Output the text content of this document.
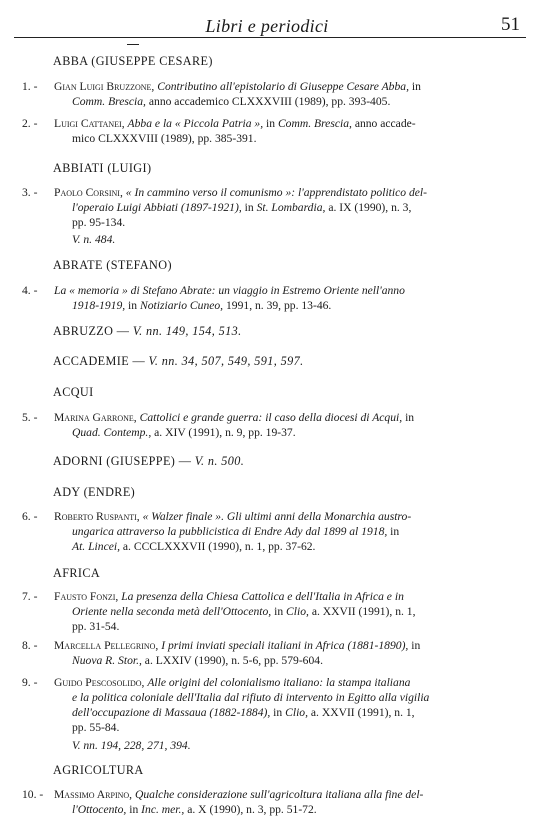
Libri e periodici	51
ABBA (GIUSEPPE CESARE)
1. -	Gian Luigi Bruzzone, Contributino all'epistolario di Giuseppe Cesare Abba, in
Comm. Brescia, anno accademico CLXXXVIII (1989), pp. 393-405.
2. -	Luigi Cattanei, Abba e la « Piccola Patria », in Comm. Brescia, anno accade-
mico CLXXXVIII (1989), pp. 385-391.
ABBIATI (LUIGI)
3. -	Paolo Corsini, « In cammino verso il comunismo »: l'apprendistato politico del-
l'operaio Luigi Abbiati (1897-1921), in St. Lombardia, a. IX (1990), n. 3,
pp. 95-134.
V. n. 484.
ABRATE (STEFANO)
4. -	La « memoria » di Stefano Abrate: un viaggio in Estremo Oriente nell'anno
1918-1919, in Notiziario Cuneo, 1991, n. 39, pp. 13-46.
ABRUZZO — V. nn. 149, 154, 513.
ACCADEMIE — V. nn. 34, 507, 549, 591, 597.
ACQUI
5. -	Marina Garrone, Cattolici e grande guerra: il caso della diocesi di Acqui, in
Quad. Contemp., a. XIV (1991), n. 9, pp. 19-37.
ADORNI (GIUSEPPE) — V. n. 500.
ADY (ENDRE)
6. -	Roberto Ruspanti, « Walzer finale ». Gli ultimi anni della Monarchia austro-
ungarica attraverso la pubblicistica di Endre Ady dal 1899 al 1918, in
At. Lincei, a. CCCLXXXVII (1990), n. 1, pp. 37-62.
AFRICA
7. -	Fausto Fonzi, La presenza della Chiesa Cattolica e dell'Italia in Africa e in
Oriente nella seconda metà dell'Ottocento, in Clio, a. XXVII (1991), n. 1,
pp. 31-54.
8. -	Marcella Pellegrino, I primi inviati speciali italiani in Africa (1881-1890), in
Nuova R. Stor., a. LXXIV (1990), n. 5-6, pp. 579-604.
9. -	Guido Pescosolido, Alle origini del colonialismo italiano: la stampa italiana
e la politica coloniale dell'Italia dal rifiuto di intervento in Egitto alla vigilia
dell'occupazione di Massaua (1882-1884), in Clio, a. XXVII (1991), n. 1,
pp. 55-84.
V. nn. 194, 228, 271, 394.
AGRICOLTURA
10. - Massimo Arpino, Qualche considerazione sull'agricoltura italiana alla fine del-
l'Ottocento, in Inc. mer., a. X (1990), n. 3, pp. 51-72.
